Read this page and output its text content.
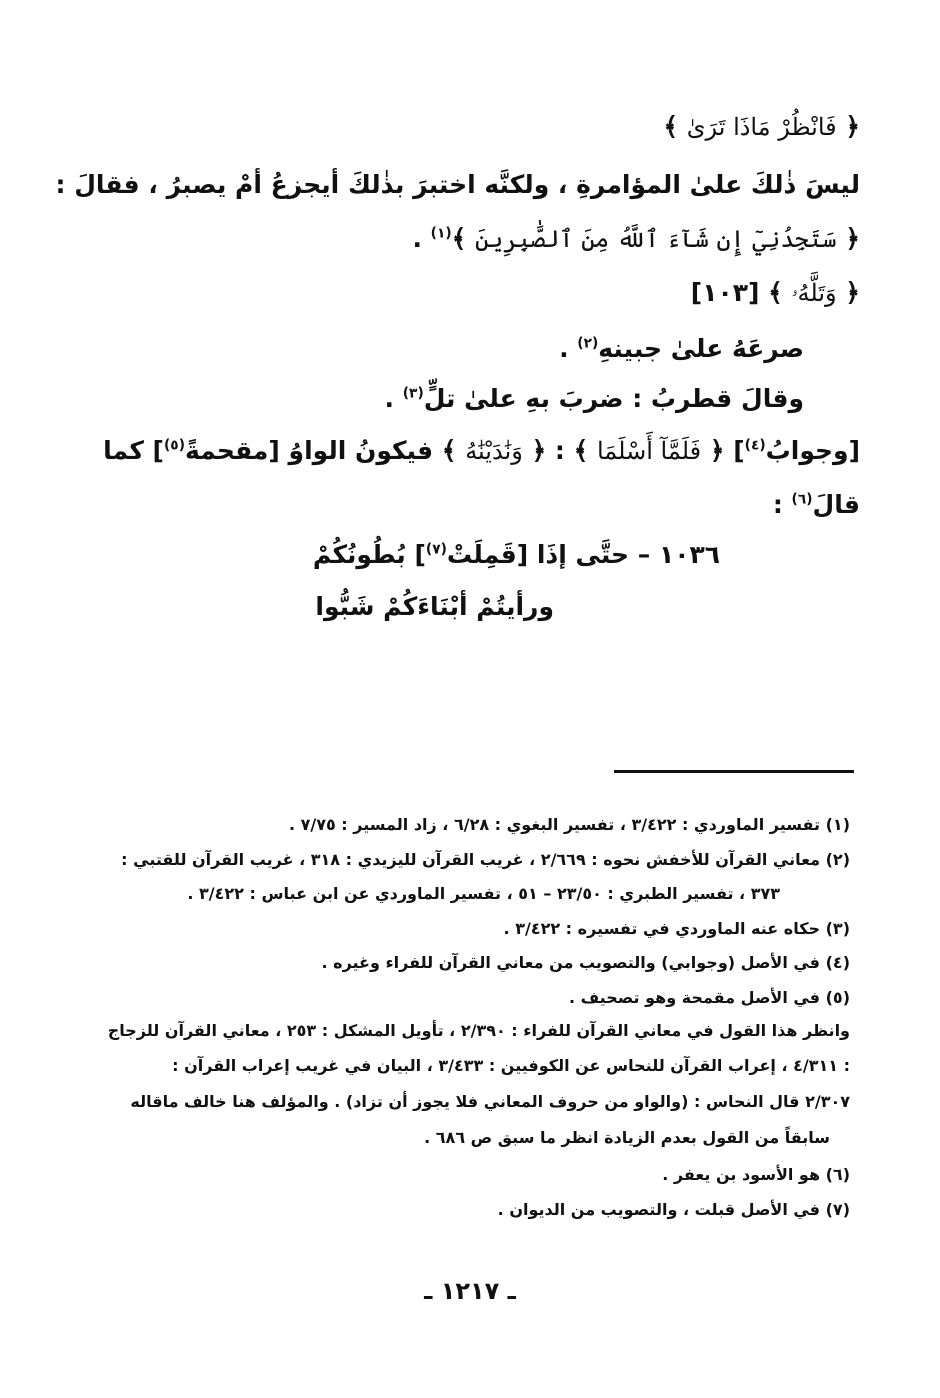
﴿ فَانْظُرْ مَاذَا تَرَىٰ ﴾
ليسَ ذٰلكَ علىٰ المؤامرةِ ، ولكنَّه اختبرَ بذٰلكَ أيجزعُ أمْ يصبرُ ، فقالَ :
﴿ سَتَجِدُنِيٓ إِن شَآءَ ٱللَّهُ مِنَ ٱلصَّٰبِرِينَ ﴾$^{(١)}$ .
﴿ وَتَلَّهُۥ ﴾ [١٠٣]
صرعَهُ علىٰ جبينهِ$^{(٢)}$ .
وقالَ قطربُ : ضربَ بهِ علىٰ تلٍّ$^{(٣)}$ .
[وجوابُ$^{(٤)}$] ﴿ فَلَمَّآ أَسْلَمَا ﴾ : ﴿ وَنَٰدَيْنَٰهُ ﴾ فيكونُ الواوُ [مقحمةً$^{(٥)}$] كما
قالَ$^{(٦)}$ :
١٠٣٦ – حتَّى إذَا [قَمِلَتْ$^{(٧)}$] بُطُونُكُمْ
ورأيتُمْ أبْنَاءَكُمْ شَبُّوا
(١) تفسير الماوردي : ٣/٤٢٢ ، تفسير البغوي : ٦/٢٨ ، زاد المسير : ٧/٧٥ .
(٢) معاني القرآن للأخفش نحوه : ٢/٦٦٩ ، غريب القرآن لليزيدي : ٣١٨ ، غريب القرآن للقتبي :
٣٧٣ ، تفسير الطبري : ٢٣/٥٠ – ٥١ ، تفسير الماوردي عن ابن عباس : ٣/٤٢٢ .
(٣) حكاه عنه الماوردي في تفسيره : ٣/٤٢٢ .
(٤) في الأصل (وجوابي) والتصويب من معاني القرآن للفراء وغيره .
(٥) في الأصل مقمحة وهو تصحيف .
وانظر هذا القول في معاني القرآن للفراء : ٢/٣٩٠ ، تأويل المشكل : ٢٥٣ ، معاني القرآن للزجاج
: ٤/٣١١ ، إعراب القرآن للنحاس عن الكوفيين : ٣/٤٣٣ ، البيان في غريب إعراب القرآن :
٢/٣٠٧ قال النحاس : (والواو من حروف المعاني فلا يجوز أن تزاد) . والمؤلف هنا خالف ماقاله
سابقاً من القول بعدم الزيادة انظر ما سبق ص ٦٨٦ .
(٦) هو الأسود بن يعفر .
(٧) في الأصل قبلت ، والتصويب من الديوان .
ـ ١٢١٧ ـ
